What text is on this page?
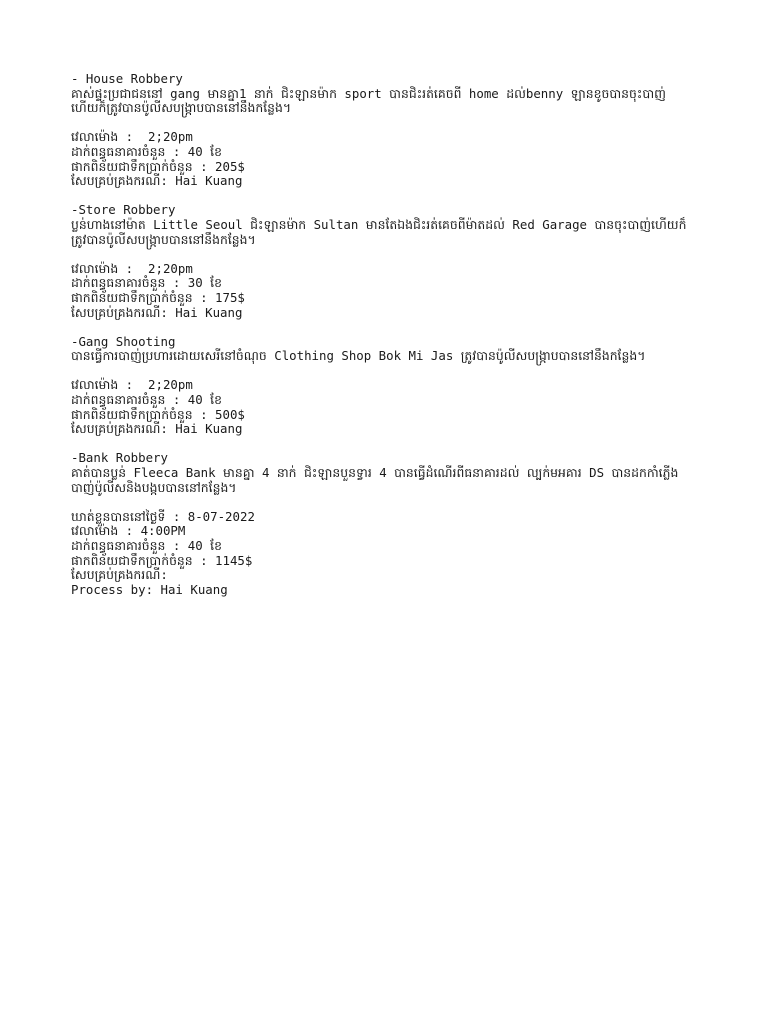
- House Robbery
គាស់ផ្ទះប្រជាជននៅ gang មានគ្នា1 នាក់ ជិះឡានម៉ាក sport បានជិះរត់គេចពី home ដល់benny ឡានខូចបានចុះបាញ់ហើយក៏ត្រូវបានប៉ូលីសបង្ក្រាបបាននៅនឹងកន្លែង។
វេលាម៉ោង :  2;20pm
ដាក់ពន្ធធនាគារចំនួន : 40 ខែ
ផាកពិន័យជាទឹកប្រាក់ចំនួន : 205$
សែបគ្រប់គ្រងករណី: Hai Kuang
-Store Robbery
ប្លន់ហាងនៅម៉ាត Little Seoul ជិះឡានម៉ាក Sultan មានតែឯងជិះរត់គេចពីម៉ាតដល់ Red Garage បានចុះបាញ់ហើយក៏ត្រូវបានប៉ូលីសបង្ក្រាបបាននៅនឹងកន្លែង។
វេលាម៉ោង :  2;20pm
ដាក់ពន្ធធនាគារចំនួន : 30 ខែ
ផាកពិន័យជាទឹកប្រាក់ចំនួន : 175$
សែបគ្រប់គ្រងករណី: Hai Kuang
-Gang Shooting
បានធ្វើការបាញ់ប្រហារដោយសេរីនៅចំណុច Clothing Shop Bok Mi Jas ត្រូវបានប៉ូលីសបង្ក្រាបបាននៅនឹងកន្លែង។
វេលាម៉ោង :  2;20pm
ដាក់ពន្ធធនាគារចំនួន : 40 ខែ
ផាកពិន័យជាទឹកប្រាក់ចំនួន : 500$
សែបគ្រប់គ្រងករណី: Hai Kuang
-Bank Robbery
គាត់បានប្លន់ Fleeca Bank មានគ្នា 4 នាក់ ជិះឡានបួនទ្វារ 4 បានធ្វើដំណើរពីធនាគារដល់ ល្បក់មអគារ DS បានដកកាំភ្លើងបាញ់ប៉ូលីសនិងបង្កបបាននៅកន្លែង។
ឃាត់ខ្លួនបាននៅថ្ងៃទី : 8-07-2022
វេលាម៉ោង : 4:00PM
ដាក់ពន្ធធនាគារចំនួន : 40 ខែ
ផាកពិន័យជាទឹកប្រាក់ចំនួន : 1145$
សែបគ្រប់គ្រងករណី:
Process by: Hai Kuang
